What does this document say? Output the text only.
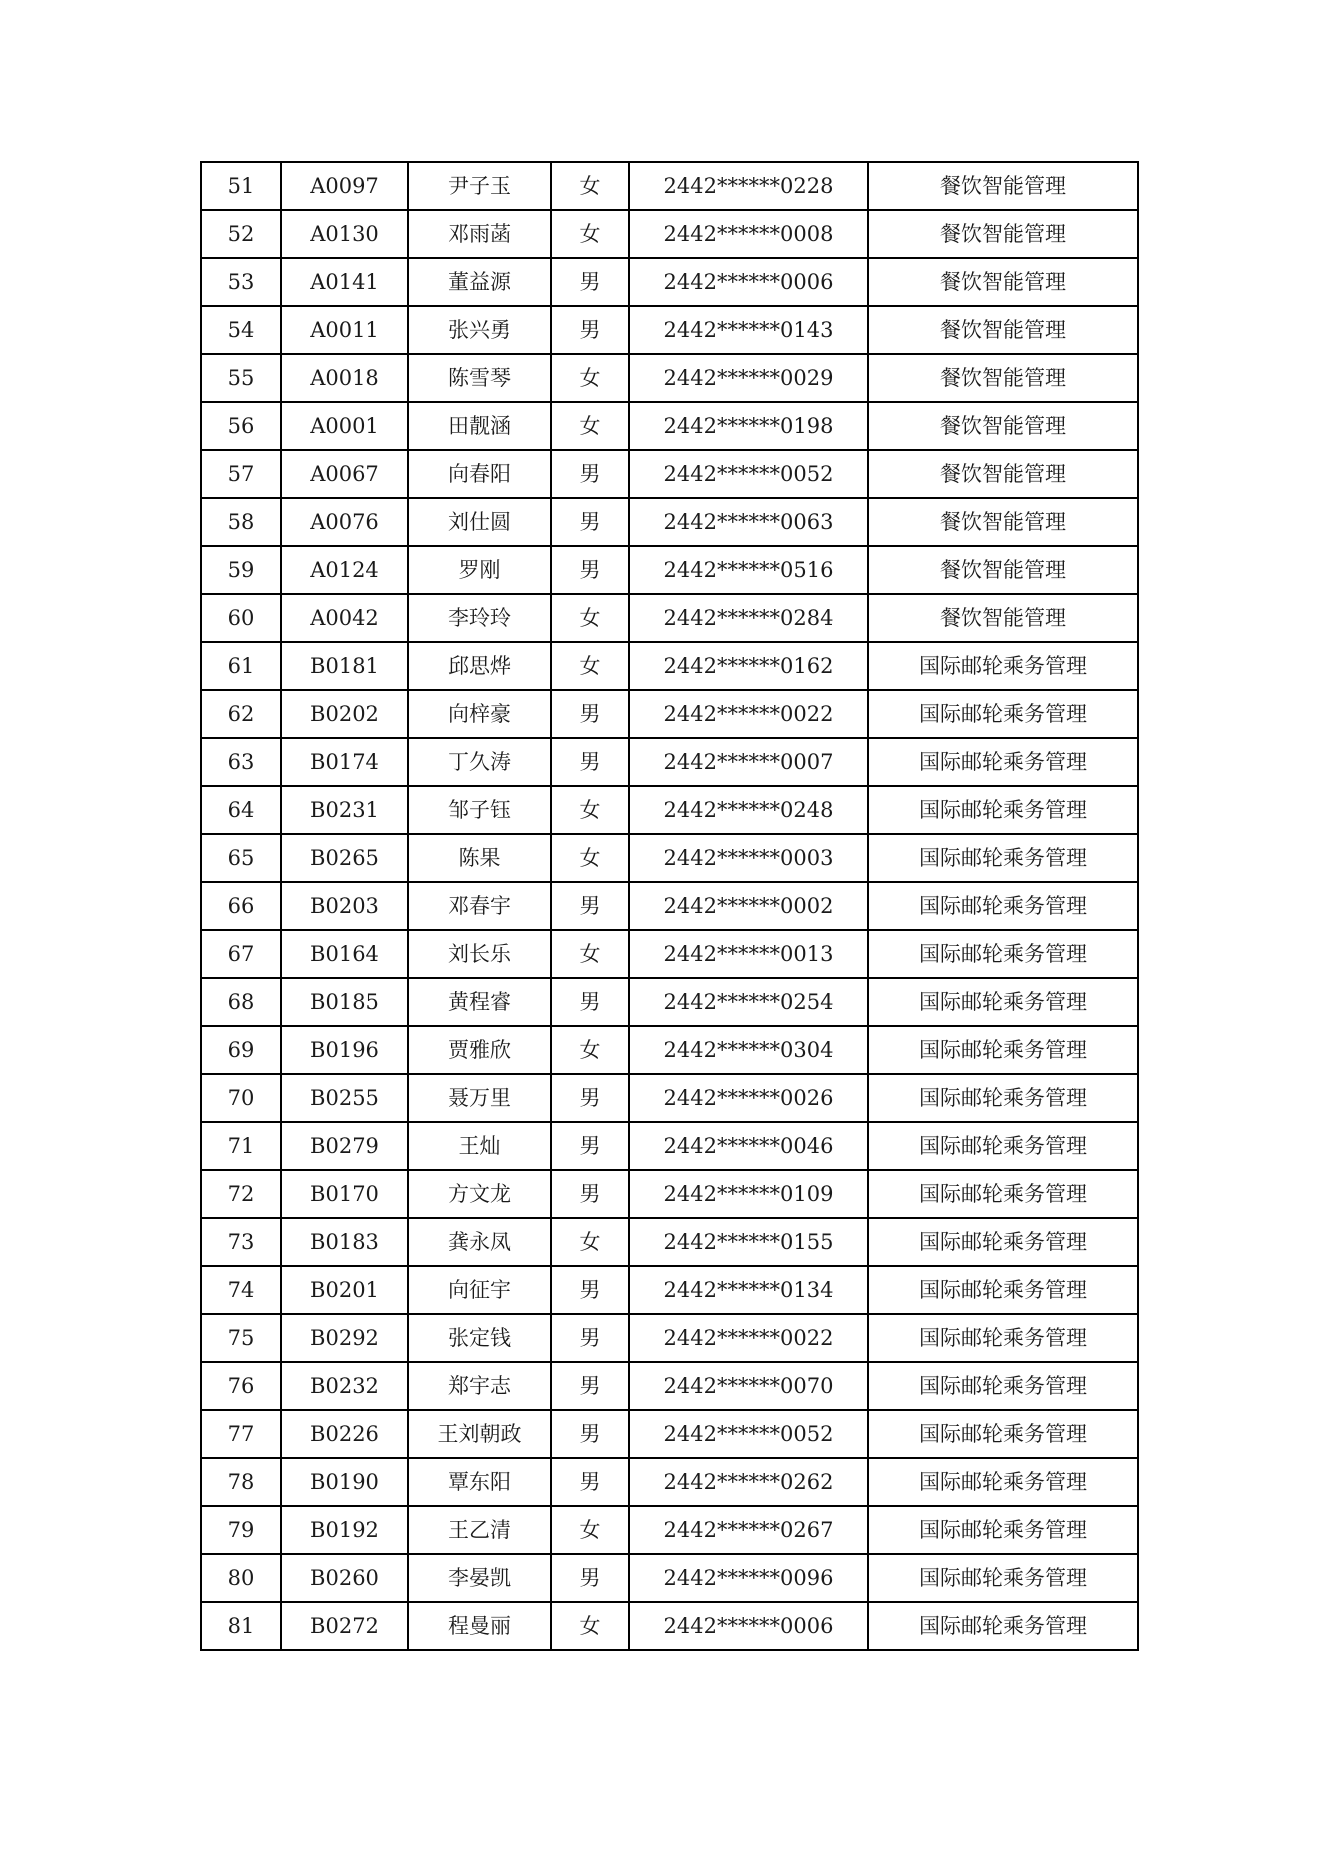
51	A0097	尹子玉	女	2442******0228	餐饮智能管理
52	A0130	邓雨菡	女	2442******0008	餐饮智能管理
53	A0141	董益源	男	2442******0006	餐饮智能管理
54	A0011	张兴勇	男	2442******0143	餐饮智能管理
55	A0018	陈雪琴	女	2442******0029	餐饮智能管理
56	A0001	田靓涵	女	2442******0198	餐饮智能管理
57	A0067	向春阳	男	2442******0052	餐饮智能管理
58	A0076	刘仕圆	男	2442******0063	餐饮智能管理
59	A0124	罗刚	男	2442******0516	餐饮智能管理
60	A0042	李玲玲	女	2442******0284	餐饮智能管理
61	B0181	邱思烨	女	2442******0162	国际邮轮乘务管理
62	B0202	向梓豪	男	2442******0022	国际邮轮乘务管理
63	B0174	丁久涛	男	2442******0007	国际邮轮乘务管理
64	B0231	邹子钰	女	2442******0248	国际邮轮乘务管理
65	B0265	陈果	女	2442******0003	国际邮轮乘务管理
66	B0203	邓春宇	男	2442******0002	国际邮轮乘务管理
67	B0164	刘长乐	女	2442******0013	国际邮轮乘务管理
68	B0185	黄程睿	男	2442******0254	国际邮轮乘务管理
69	B0196	贾雅欣	女	2442******0304	国际邮轮乘务管理
70	B0255	聂万里	男	2442******0026	国际邮轮乘务管理
71	B0279	王灿	男	2442******0046	国际邮轮乘务管理
72	B0170	方文龙	男	2442******0109	国际邮轮乘务管理
73	B0183	龚永凤	女	2442******0155	国际邮轮乘务管理
74	B0201	向征宇	男	2442******0134	国际邮轮乘务管理
75	B0292	张定钱	男	2442******0022	国际邮轮乘务管理
76	B0232	郑宇志	男	2442******0070	国际邮轮乘务管理
77	B0226	王刘朝政	男	2442******0052	国际邮轮乘务管理
78	B0190	覃东阳	男	2442******0262	国际邮轮乘务管理
79	B0192	王乙清	女	2442******0267	国际邮轮乘务管理
80	B0260	李晏凯	男	2442******0096	国际邮轮乘务管理
81	B0272	程曼丽	女	2442******0006	国际邮轮乘务管理
